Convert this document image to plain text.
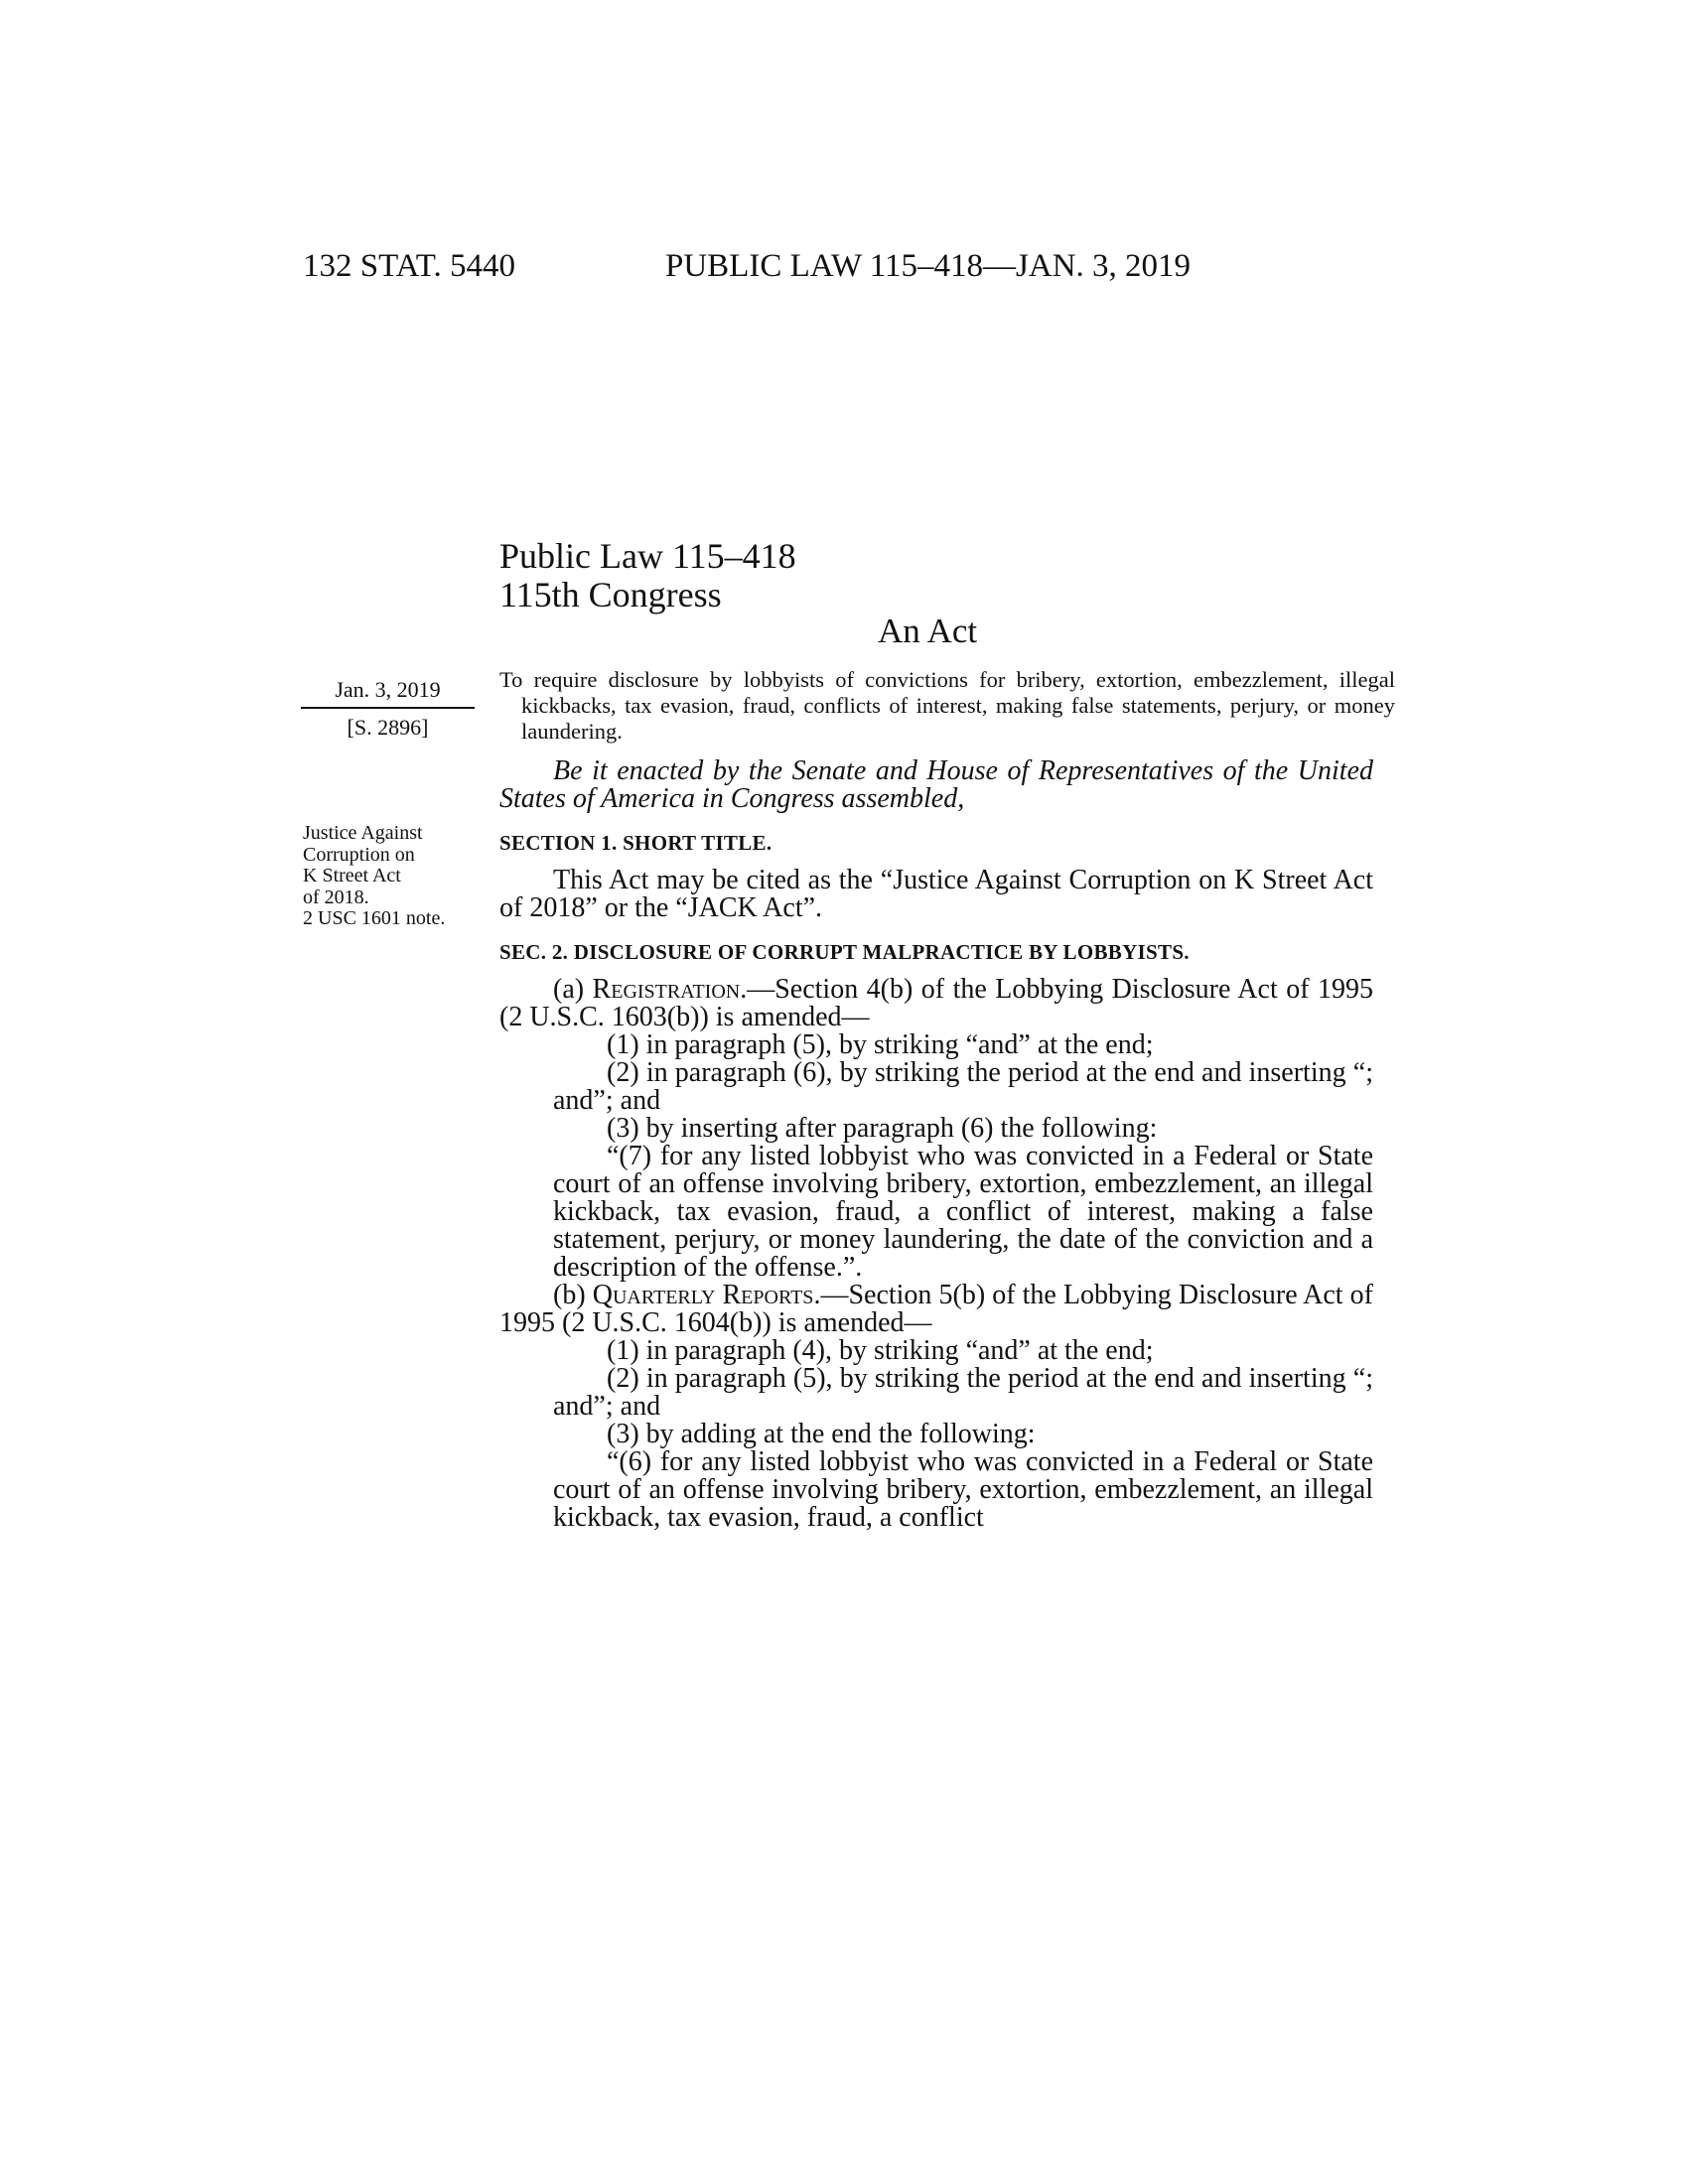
132 STAT. 5440	PUBLIC LAW 115–418—JAN. 3, 2019
Public Law 115–418
115th Congress
An Act
Jan. 3, 2019
[S. 2896]
To require disclosure by lobbyists of convictions for bribery, extortion, embezzlement, illegal kickbacks, tax evasion, fraud, conflicts of interest, making false statements, perjury, or money laundering.
Justice Against
Corruption on
K Street Act
of 2018.
2 USC 1601 note.

Be it enacted by the Senate and House of Representatives of the United States of America in Congress assembled,

SECTION 1. SHORT TITLE.

This Act may be cited as the “Justice Against Corruption on K Street Act of 2018” or the “JACK Act”.

SEC. 2. DISCLOSURE OF CORRUPT MALPRACTICE BY LOBBYISTS.

(a) Registration.—Section 4(b) of the Lobbying Disclosure Act of 1995 (2 U.S.C. 1603(b)) is amended—

(1) in paragraph (5), by striking “and” at the end;

(2) in paragraph (6), by striking the period at the end and inserting “; and”; and

(3) by inserting after paragraph (6) the following:

“(7) for any listed lobbyist who was convicted in a Federal or State court of an offense involving bribery, extortion, embezzlement, an illegal kickback, tax evasion, fraud, a conflict of interest, making a false statement, perjury, or money laundering, the date of the conviction and a description of the offense.”.

(b) Quarterly Reports.—Section 5(b) of the Lobbying Disclosure Act of 1995 (2 U.S.C. 1604(b)) is amended—

(1) in paragraph (4), by striking “and” at the end;

(2) in paragraph (5), by striking the period at the end and inserting “; and”; and

(3) by adding at the end the following:

“(6) for any listed lobbyist who was convicted in a Federal or State court of an offense involving bribery, extortion, embezzlement, an illegal kickback, tax evasion, fraud, a conflict
